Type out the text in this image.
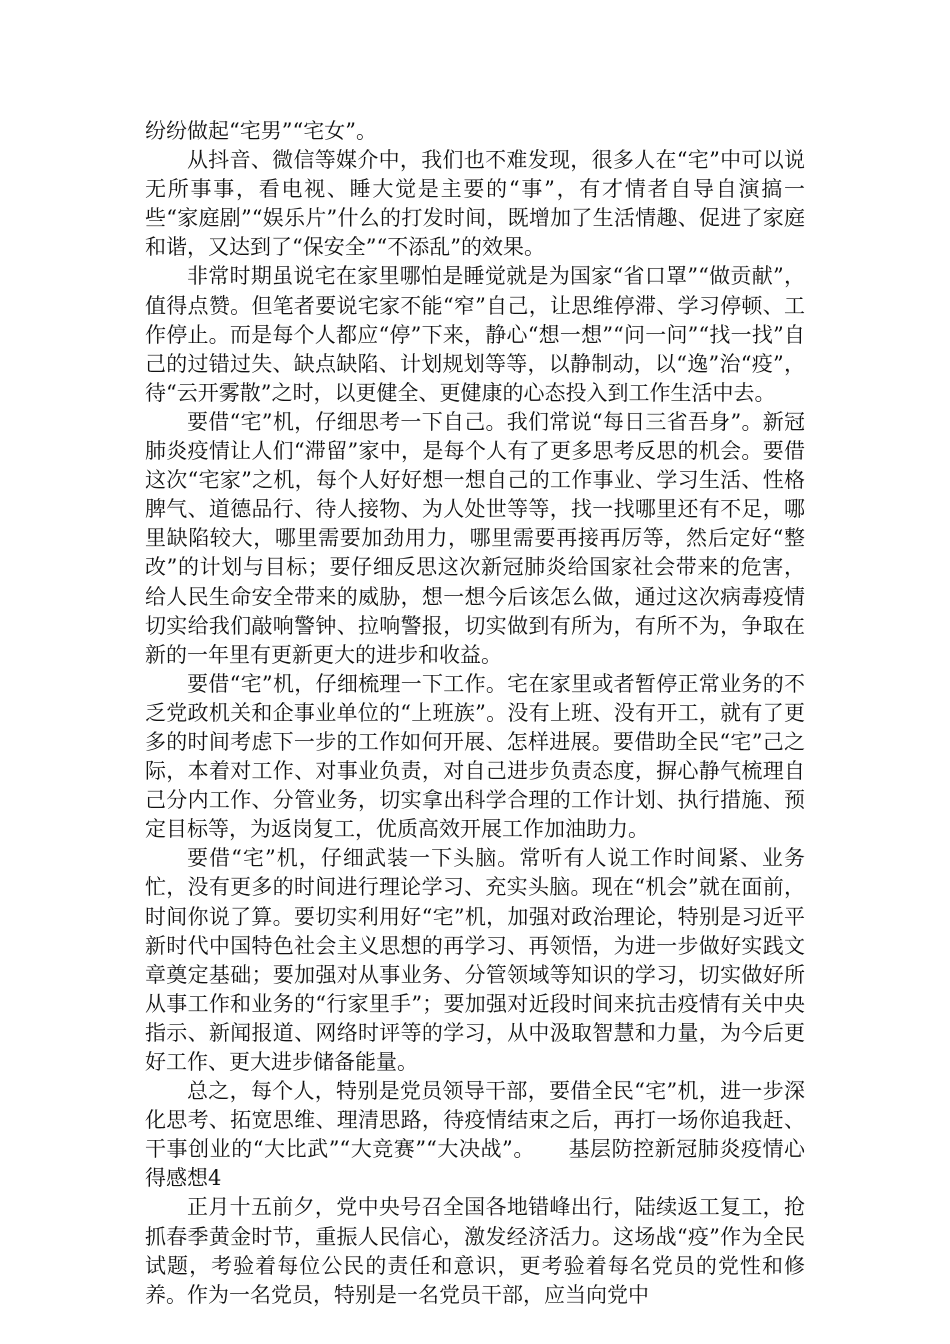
纷纷做起“宅男”“宅女”。

从抖音、微信等媒介中，我们也不难发现，很多人在“宅”中可以说无所事事，看电视、睡大觉是主要的“事”，有才情者自导自演搞一些“家庭剧”“娱乐片”什么的打发时间，既增加了生活情趣、促进了家庭和谐，又达到了“保安全”“不添乱”的效果。

非常时期虽说宅在家里哪怕是睡觉就是为国家“省口罩”“做贡献”，值得点赞。但笔者要说宅家不能“窄”自己，让思维停滞、学习停顿、工作停止。而是每个人都应“停”下来，静心“想一想”“问一问”“找一找”自己的过错过失、缺点缺陷、计划规划等等，以静制动，以“逸”治“疫”，待“云开雾散”之时，以更健全、更健康的心态投入到工作生活中去。

要借“宅”机，仔细思考一下自己。我们常说“每日三省吾身”。新冠肺炎疫情让人们“滞留”家中，是每个人有了更多思考反思的机会。要借这次“宅家”之机，每个人好好想一想自己的工作事业、学习生活、性格脾气、道德品行、待人接物、为人处世等等，找一找哪里还有不足，哪里缺陷较大，哪里需要加劲用力，哪里需要再接再厉等，然后定好“整改”的计划与目标；要仔细反思这次新冠肺炎给国家社会带来的危害，给人民生命安全带来的威胁，想一想今后该怎么做，通过这次病毒疫情切实给我们敲响警钟、拉响警报，切实做到有所为，有所不为，争取在新的一年里有更新更大的进步和收益。

要借“宅”机，仔细梳理一下工作。宅在家里或者暂停正常业务的不乏党政机关和企事业单位的“上班族”。没有上班、没有开工，就有了更多的时间考虑下一步的工作如何开展、怎样进展。要借助全民“宅”己之际，本着对工作、对事业负责，对自己进步负责态度，摒心静气梳理自己分内工作、分管业务，切实拿出科学合理的工作计划、执行措施、预定目标等，为返岗复工，优质高效开展工作加油助力。

要借“宅”机，仔细武装一下头脑。常听有人说工作时间紧、业务忙，没有更多的时间进行理论学习、充实头脑。现在“机会”就在面前，时间你说了算。要切实利用好“宅”机，加强对政治理论，特别是习近平新时代中国特色社会主义思想的再学习、再领悟，为进一步做好实践文章奠定基础；要加强对从事业务、分管领域等知识的学习，切实做好所从事工作和业务的“行家里手”；要加强对近段时间来抗击疫情有关中央指示、新闻报道、网络时评等的学习，从中汲取智慧和力量，为今后更好工作、更大进步储备能量。

总之，每个人，特别是党员领导干部，要借全民“宅”机，进一步深化思考、拓宽思维、理清思路，待疫情结束之后，再打一场你追我赶、干事创业的“大比武”“大竞赛”“大决战”。 基层防控新冠肺炎疫情心得感想4

正月十五前夕，党中央号召全国各地错峰出行，陆续返工复工，抢抓春季黄金时节，重振人民信心，激发经济活力。这场战“疫”作为全民试题，考验着每位公民的责任和意识，更考验着每名党员的党性和修养。作为一名党员，特别是一名党员干部，应当向党中
